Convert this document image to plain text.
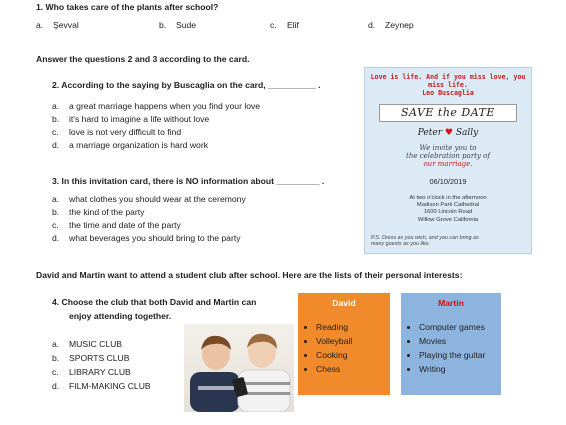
1. Who takes care of the plants after school?
a. Şevval	b. Sude	c. Elif	d. Zeynep
Answer the questions 2 and 3 according to the card.
2. According to the saying by Buscaglia on the card, __________ .
a. a great marriage happens when you find your love
b. it's hard to imagine a life without love
c. love is not very difficult to find
d. a marriage organization is hard work
3. In this invitation card, there is NO information about _________ .
a. what clothes you should wear at the ceremony
b. the kind of the party
c. the time and date of the party
d. what beverages you should bring to the party
Love is life. And if you miss love, you miss life.
Leo Buscaglia
SAVE the DATE
Peter ♥ Sally
We invite you to
the celebration party of
our marriage.
06/10/2019
At two o'clock in the afternoon
Madison Park Cathedral
1600 Lincoln Road
Willow Grove California
P.S. Dress as you wish, and you can bring as
many guests as you like.
David and Martin want to attend a student club after school. Here are the lists of their personal interests:
4. Choose the club that both David and Martin can
enjoy attending together.
a. MUSIC CLUB
b. SPORTS CLUB
c. LIBRARY CLUB
d. FILM-MAKING CLUB
David
• Reading
• Volleyball
• Cooking
• Chess
Martin
• Computer games
• Movies
• Playing the guitar
• Writing
